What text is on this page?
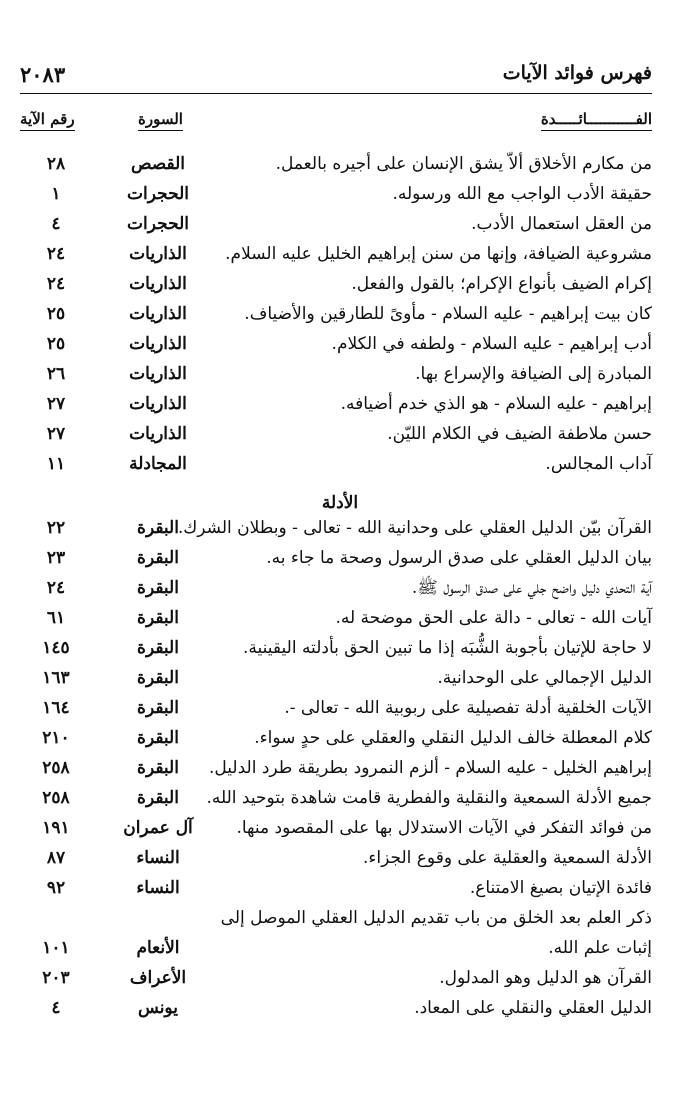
فهرس فوائد الآيات
٢٠٨٣
الفـــــــــــائـــــدة
السورة
رقم الآية
من مكارم الأخلاق ألاّ يشق الإنسان على أجيره بالعمل.
القصص
٢٨
حقيقة الأدب الواجب مع الله ورسوله.
الحجرات
١
من العقل استعمال الأدب.
الحجرات
٤
مشروعية الضيافة، وإنها من سنن إبراهيم الخليل عليه السلام.
الذاريات
٢٤
إكرام الضيف بأنواع الإكرام؛ بالقول والفعل.
الذاريات
٢٤
كان بيت إبراهيم - عليه السلام - مأوىً للطارقين والأضياف.
الذاريات
٢٥
أدب إبراهيم - عليه السلام - ولطفه في الكلام.
الذاريات
٢٥
المبادرة إلى الضيافة والإسراع بها.
الذاريات
٢٦
إبراهيم - عليه السلام - هو الذي خدم أضيافه.
الذاريات
٢٧
حسن ملاطفة الضيف في الكلام الليّن.
الذاريات
٢٧
آداب المجالس.
المجادلة
١١
الأدلة
القرآن بيّن الدليل العقلي على وحدانية الله - تعالى - وبطلان الشرك.
البقرة
٢٢
بيان الدليل العقلي على صدق الرسول وصحة ما جاء به.
البقرة
٢٣
آية التحدي دليل واضح جلي على صدق الرسول ﷺ.
البقرة
٢٤
آيات الله - تعالى - دالة على الحق موضحة له.
البقرة
٦١
لا حاجة للإتيان بأجوبة الشُّبَه إذا ما تبين الحق بأدلته اليقينية.
البقرة
١٤٥
الدليل الإجمالي على الوحدانية.
البقرة
١٦٣
الآيات الخلقية أدلة تفصيلية على ربوبية الله - تعالى -.
البقرة
١٦٤
كلام المعطلة خالف الدليل النقلي والعقلي على حدٍ سواء.
البقرة
٢١٠
إبراهيم الخليل - عليه السلام - ألزم النمرود بطريقة طرد الدليل.
البقرة
٢٥٨
جميع الأدلة السمعية والنقلية والفطرية قامت شاهدة بتوحيد الله.
البقرة
٢٥٨
من فوائد التفكر في الآيات الاستدلال بها على المقصود منها.
آل عمران
١٩١
الأدلة السمعية والعقلية على وقوع الجزاء.
النساء
٨٧
فائدة الإتيان بصيغ الامتناع.
النساء
٩٢
ذكر العلم بعد الخلق من باب تقديم الدليل العقلي الموصل إلى إثبات علم الله.
الأنعام
١٠١
القرآن هو الدليل وهو المدلول.
الأعراف
٢٠٣
الدليل العقلي والنقلي على المعاد.
يونس
٤
